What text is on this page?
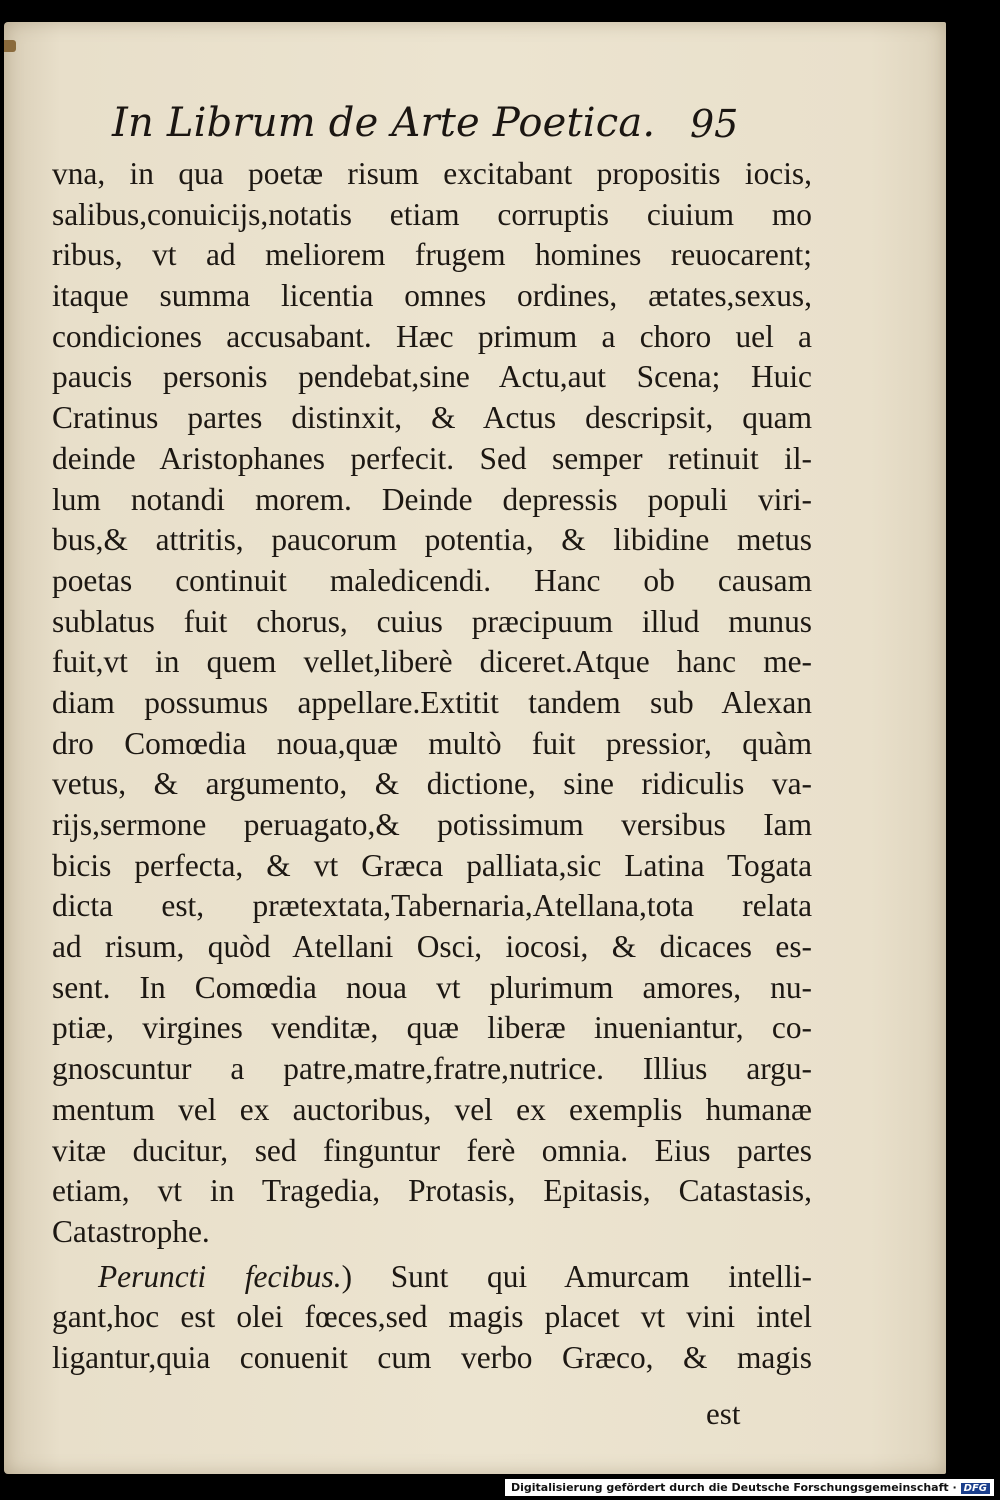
In Librum de Arte Poetica. 95
vna, in qua poetæ risum excitabant propositis iocis,
salibus,conuicijs,notatis etiam corruptis ciuium mo
ribus, vt ad meliorem frugem homines reuocarent;
itaque summa licentia omnes ordines, ætates,sexus,
condiciones accusabant. Hæc primum a choro uel a
paucis personis pendebat,sine Actu,aut Scena; Huic
Cratinus partes distinxit, & Actus descripsit, quam
deinde Aristophanes perfecit. Sed semper retinuit il-
lum notandi morem. Deinde depressis populi viri-
bus,& attritis, paucorum potentia, & libidine metus
poetas continuit maledicendi. Hanc ob causam
sublatus fuit chorus, cuius præcipuum illud munus
fuit,vt in quem vellet,liberè diceret.Atque hanc me-
diam possumus appellare.Extitit tandem sub Alexan
dro Comœdia noua,quæ multò fuit pressior, quàm
vetus, & argumento, & dictione, sine ridiculis va-
rijs,sermone peruagato,& potissimum versibus Iam
bicis perfecta, & vt Græca palliata,sic Latina Togata
dicta est, prætextata,Tabernaria,Atellana,tota relata
ad risum, quòd Atellani Osci, iocosi, & dicaces es-
sent. In Comœdia noua vt plurimum amores, nu-
ptiæ, virgines venditæ, quæ liberæ inueniantur, co-
gnoscuntur a patre,matre,fratre,nutrice. Illius argu-
mentum vel ex auctoribus, vel ex exemplis humanæ
vitæ ducitur, sed finguntur ferè omnia. Eius partes
etiam, vt in Tragedia, Protasis, Epitasis, Catastasis,
Catastrophe.
Peruncti fecibus.) Sunt qui Amurcam intelli-
gant,hoc est olei fœces,sed magis placet vt vini intel
ligantur,quia conuenit cum verbo Græco, & magis
est
Digitalisierung gefördert durch die Deutsche Forschungsgemeinschaft · DFG
